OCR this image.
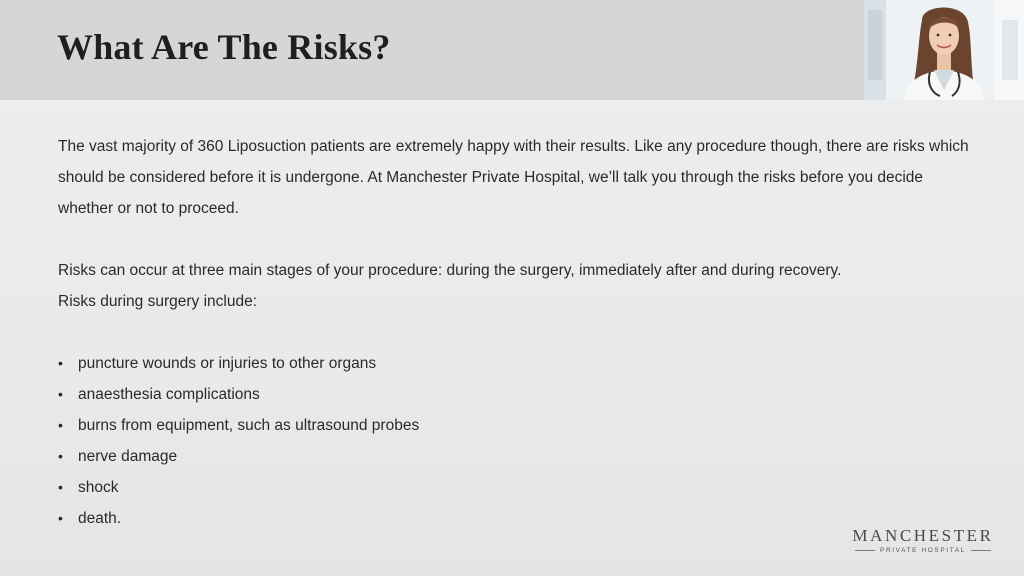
What Are The Risks?

The vast majority of 360 Liposuction patients are extremely happy with their results. Like any procedure though, there are risks which should be considered before it is undergone. At Manchester Private Hospital, we’ll talk you through the risks before you decide whether or not to proceed.

Risks can occur at three main stages of your procedure: during the surgery, immediately after and during recovery.

Risks during surgery include:

• puncture wounds or injuries to other organs
• anaesthesia complications
• burns from equipment, such as ultrasound probes
• nerve damage
• shock
• death.
MANCHESTER
PRIVATE HOSPITAL
